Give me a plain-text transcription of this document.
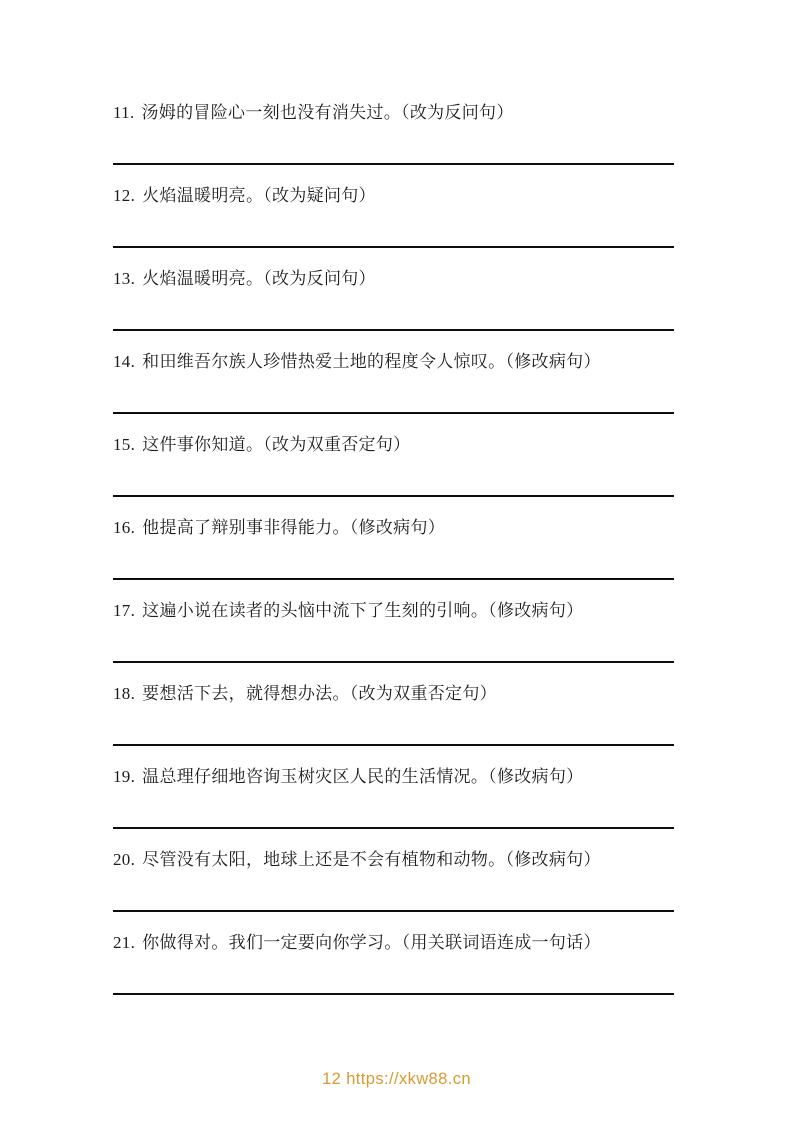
11. 汤姆的冒险心一刻也没有消失过。（改为反问句）

12. 火焰温暖明亮。（改为疑问句）

13. 火焰温暖明亮。（改为反问句）

14. 和田维吾尔族人珍惜热爱土地的程度令人惊叹。（修改病句）

15. 这件事你知道。（改为双重否定句）

16. 他提高了辩别事非得能力。（修改病句）

17. 这遍小说在读者的头恼中流下了生刻的引响。（修改病句）

18. 要想活下去，就得想办法。（改为双重否定句）

19. 温总理仔细地咨询玉树灾区人民的生活情况。（修改病句）

20. 尽管没有太阳，地球上还是不会有植物和动物。（修改病句）

21. 你做得对。我们一定要向你学习。（用关联词语连成一句话）

12 https://xkw88.cn
